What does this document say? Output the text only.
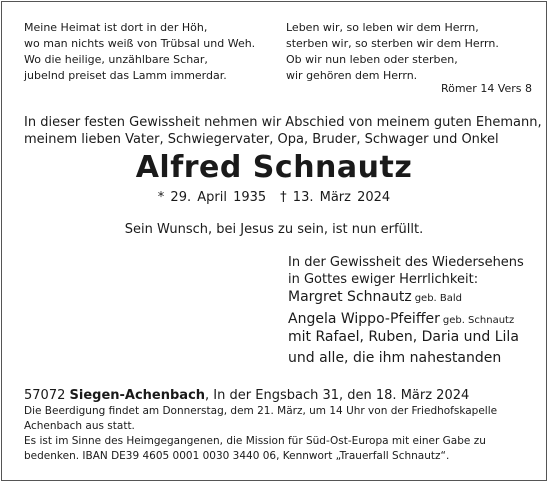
Meine Heimat ist dort in der Höh,
wo man nichts weiß von Trübsal und Weh.
Wo die heilige, unzählbare Schar,
jubelnd preiset das Lamm immerdar.
Leben wir, so leben wir dem Herrn,
sterben wir, so sterben wir dem Herrn.
Ob wir nun leben oder sterben,
wir gehören dem Herrn.
Römer 14 Vers 8
In dieser festen Gewissheit nehmen wir Abschied von meinem guten Ehemann,
meinem lieben Vater, Schwiegervater, Opa, Bruder, Schwager und Onkel
Alfred Schnautz
* 29. April 1935 † 13. März 2024
Sein Wunsch, bei Jesus zu sein, ist nun erfüllt.
In der Gewissheit des Wiedersehens
in Gottes ewiger Herrlichkeit:
Margret Schnautz geb. Bald
Angela Wippo-Pfeiffer geb. Schnautz
mit Rafael, Ruben, Daria und Lila
und alle, die ihm nahestanden
57072 Siegen-Achenbach, In der Engsbach 31, den 18. März 2024
Die Beerdigung findet am Donnerstag, dem 21. März, um 14 Uhr von der Friedhofskapelle
Achenbach aus statt.
Es ist im Sinne des Heimgegangenen, die Mission für Süd-Ost-Europa mit einer Gabe zu
bedenken. IBAN DE39 4605 0001 0030 3440 06, Kennwort „Trauerfall Schnautz“.
